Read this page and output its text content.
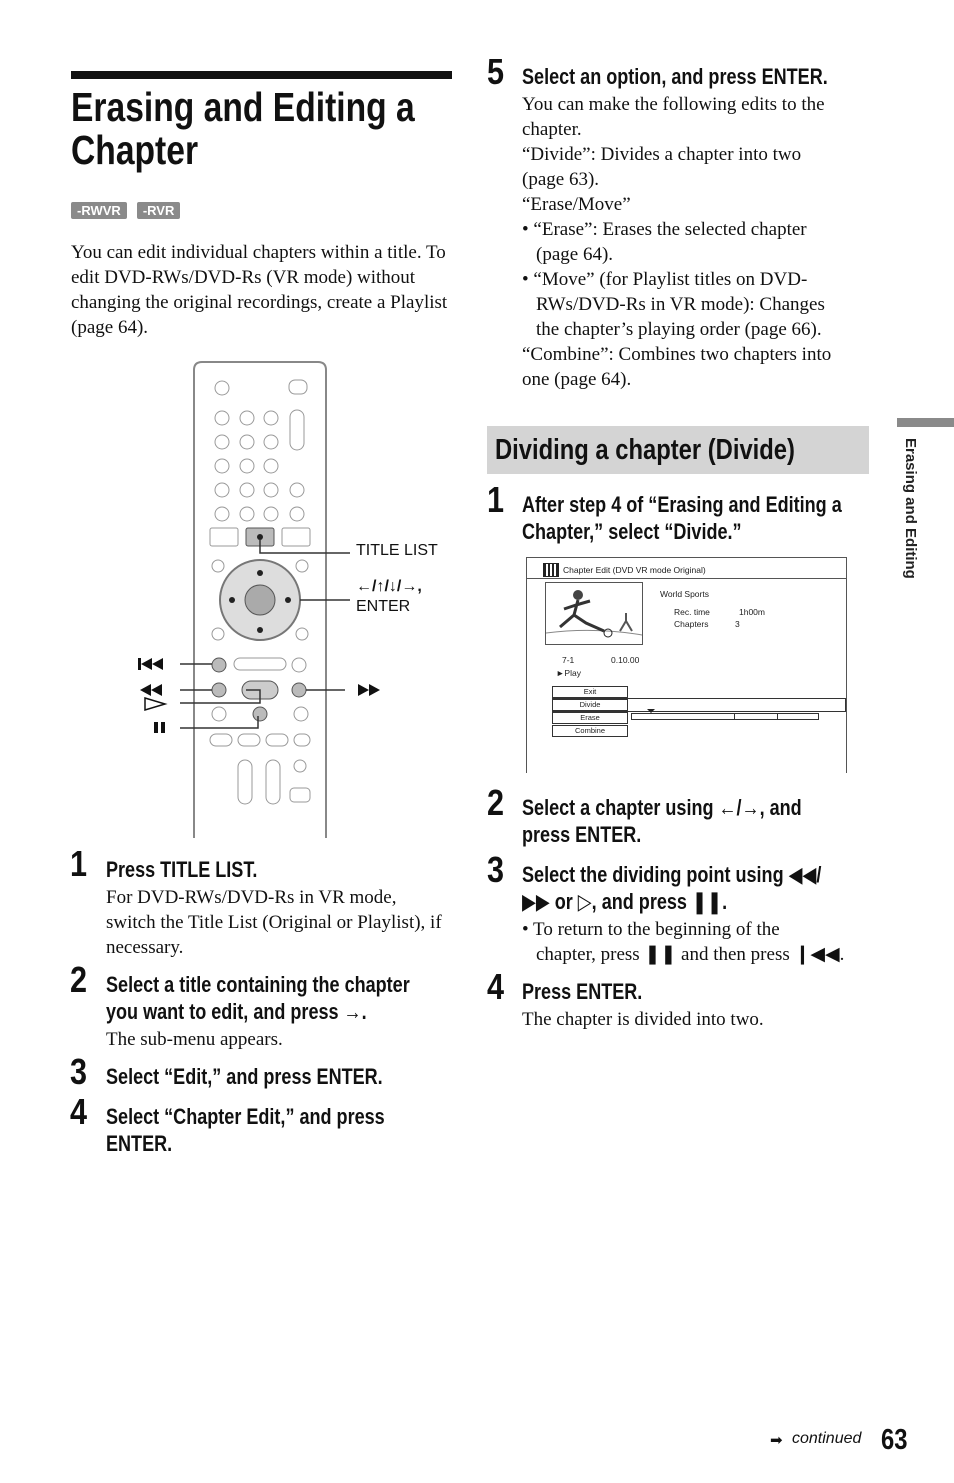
Erasing and Editing a
Chapter
-RWVR	-RVR
You can edit individual chapters within a title. To edit DVD-RWs/DVD-Rs (VR mode) without changing the original recordings, create a Playlist (page 64).
TITLE LIST
←/↑/↓/→,
ENTER
1 Press TITLE LIST.
For DVD-RWs/DVD-Rs in VR mode, switch the Title List (Original or Playlist), if necessary.
2 Select a title containing the chapter
you want to edit, and press →.
The sub-menu appears.
3 Select “Edit,” and press ENTER.
4 Select “Chapter Edit,” and press
ENTER.
5 Select an option, and press ENTER.
You can make the following edits to the
chapter.
“Divide”: Divides a chapter into two
(page 63).
“Erase/Move”
• “Erase”: Erases the selected chapter
(page 64).
• “Move” (for Playlist titles on DVD-
RWs/DVD-Rs in VR mode): Changes
the chapter’s playing order (page 66).
“Combine”: Combines two chapters into
one (page 64).
Dividing a chapter (Divide)
1 After step 4 of “Erasing and Editing a
Chapter,” select “Divide.”
Chapter Edit (DVD VR mode Original)
World Sports
Rec. time	1h00m
Chapters	3
7-1	0.10.00
►Play
Exit
Divide
Erase
Combine
2 Select a chapter using ←/→, and
press ENTER.
3 Select the dividing point using ◀◀/
▶▶ or ▷, and press ❚❚.
• To return to the beginning of the
chapter, press ❚❚ and then press ❙◀◀.
4 Press ENTER.
The chapter is divided into two.
Erasing and Editing
➡ continued 63
